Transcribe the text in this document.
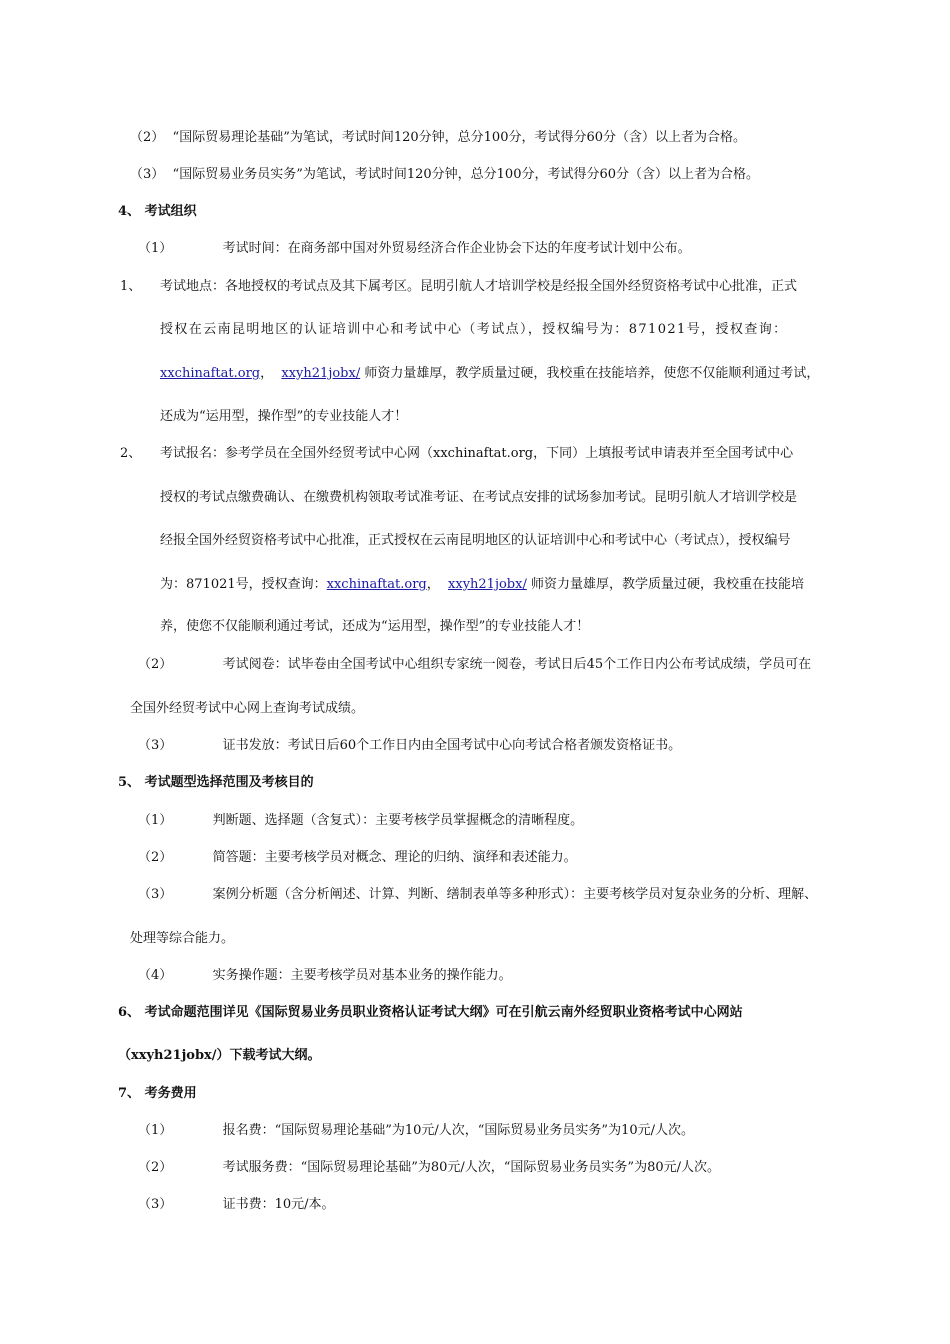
（2） “国际贸易理论基础”为笔试，考试时间120分钟，总分100分，考试得分60分（含）以上者为合格。
（3） “国际贸易业务员实务”为笔试，考试时间120分钟，总分100分，考试得分60分（含）以上者为合格。
4、 考试组织
（1）	考试时间：在商务部中国对外贸易经济合作企业协会下达的年度考试计划中公布。
1、 考试地点：各地授权的考试点及其下属考区。昆明引航人才培训学校是经报全国外经贸资格考试中心批准，正式
授权在云南昆明地区的认证培训中心和考试中心（考试点），授权编号为：871021号，授权查询：
xxchinaftat.org， xxyh21jobx/ 师资力量雄厚，教学质量过硬，我校重在技能培养，使您不仅能顺利通过考试，
还成为“运用型，操作型”的专业技能人才！
2、 考试报名：参考学员在全国外经贸考试中心网（xxchinaftat.org，下同）上填报考试申请表并至全国考试中心
授权的考试点缴费确认、在缴费机构领取考试准考证、在考试点安排的试场参加考试。昆明引航人才培训学校是
经报全国外经贸资格考试中心批准，正式授权在云南昆明地区的认证培训中心和考试中心（考试点），授权编号
为：871021号，授权查询：xxchinaftat.org， xxyh21jobx/ 师资力量雄厚，教学质量过硬，我校重在技能培
养，使您不仅能顺利通过考试，还成为“运用型，操作型”的专业技能人才！
（2）	考试阅卷：试毕卷由全国考试中心组织专家统一阅卷，考试日后45个工作日内公布考试成绩，学员可在
全国外经贸考试中心网上查询考试成绩。
（3）	证书发放：考试日后60个工作日内由全国考试中心向考试合格者颁发资格证书。
5、 考试题型选择范围及考核目的
（1）	判断题、选择题（含复式）：主要考核学员掌握概念的清晰程度。
（2）	简答题：主要考核学员对概念、理论的归纳、演绎和表述能力。
（3）	案例分析题（含分析阐述、计算、判断、缮制表单等多种形式）：主要考核学员对复杂业务的分析、理解、
处理等综合能力。
（4）	实务操作题：主要考核学员对基本业务的操作能力。
6、 考试命题范围详见《国际贸易业务员职业资格认证考试大纲》可在引航云南外经贸职业资格考试中心网站
（xxyh21jobx/）下载考试大纲。
7、 考务费用
（1）	报名费：“国际贸易理论基础”为10元/人次，“国际贸易业务员实务”为10元/人次。
（2）	考试服务费：“国际贸易理论基础”为80元/人次，“国际贸易业务员实务”为80元/人次。
（3）	证书费：10元/本。
